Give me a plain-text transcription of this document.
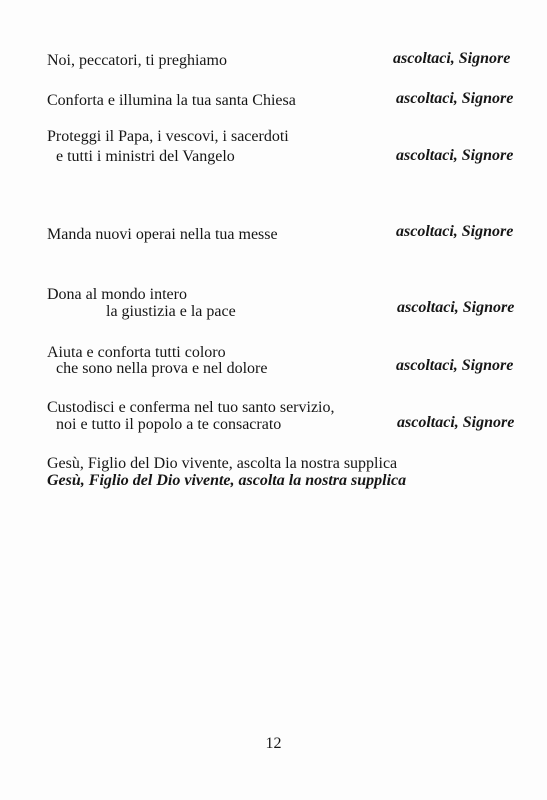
Noi, peccatori, ti preghiamo	ascoltaci, Signore
Conforta e illumina la tua santa Chiesa	ascoltaci, Signore
Proteggi il Papa, i vescovi, i sacerdoti
e tutti i ministri del Vangelo	ascoltaci, Signore
Manda nuovi operai nella tua messe	ascoltaci, Signore
Dona al mondo intero
la giustizia e la pace	ascoltaci, Signore
Aiuta e conforta tutti coloro
che sono nella prova e nel dolore	ascoltaci, Signore
Custodisci e conferma nel tuo santo servizio,
noi e tutto il popolo a te consacrato	ascoltaci, Signore
Gesù, Figlio del Dio vivente, ascolta la nostra supplica
Gesù, Figlio del Dio vivente, ascolta la nostra supplica
12
